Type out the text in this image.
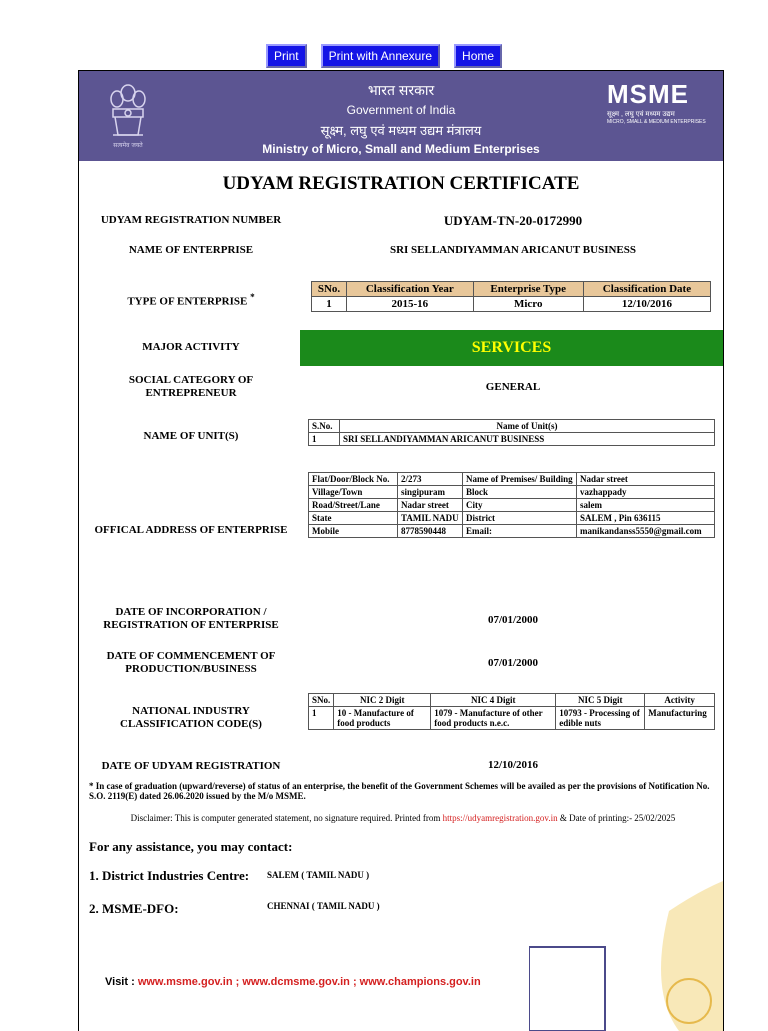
Print	Print with Annexure	Home
सत्यमेव जयते
भारत सरकार
Government of India
सूक्ष्म, लघु एवं मध्यम उद्यम मंत्रालय
Ministry of Micro, Small and Medium Enterprises
MSME
सूक्ष्म , लघु एवं मध्यम उद्यम
MICRO, SMALL & MEDIUM ENTERPRISES
UDYAM REGISTRATION CERTIFICATE
UDYAM REGISTRATION NUMBER	UDYAM-TN-20-0172990
NAME OF ENTERPRISE	SRI SELLANDIYAMMAN ARICANUT BUSINESS
TYPE OF ENTERPRISE *
SNo.	Classification Year	Enterprise Type	Classification Date
1	2015-16	Micro	12/10/2016
MAJOR ACTIVITY	SERVICES
SOCIAL CATEGORY OF ENTREPRENEUR	GENERAL
NAME OF UNIT(S)
S.No.	Name of Unit(s)
1	SRI SELLANDIYAMMAN ARICANUT BUSINESS
OFFICAL ADDRESS OF ENTERPRISE
Flat/Door/Block No.	2/273	Name of Premises/ Building	Nadar street
Village/Town	singipuram	Block	vazhappady
Road/Street/Lane	Nadar street	City	salem
State	TAMIL NADU	District	SALEM , Pin 636115
Mobile	8778590448	Email:	manikandanss5550@gmail.com
DATE OF INCORPORATION / REGISTRATION OF ENTERPRISE	07/01/2000
DATE OF COMMENCEMENT OF PRODUCTION/BUSINESS	07/01/2000
NATIONAL INDUSTRY CLASSIFICATION CODE(S)
SNo.	NIC 2 Digit	NIC 4 Digit	NIC 5 Digit	Activity
1	10 - Manufacture of food products	1079 - Manufacture of other food products n.e.c.	10793 - Processing of edible nuts	Manufacturing
DATE OF UDYAM REGISTRATION	12/10/2016
* In case of graduation (upward/reverse) of status of an enterprise, the benefit of the Government Schemes will be availed as per the provisions of Notification No. S.O. 2119(E) dated 26.06.2020 issued by the M/o MSME.
Disclaimer: This is computer generated statement, no signature required. Printed from https://udyamregistration.gov.in & Date of printing:- 25/02/2025
For any assistance, you may contact:
1. District Industries Centre: SALEM ( TAMIL NADU )
2. MSME-DFO:	CHENNAI ( TAMIL NADU )
Visit : www.msme.gov.in ; www.dcmsme.gov.in ; www.champions.gov.in
